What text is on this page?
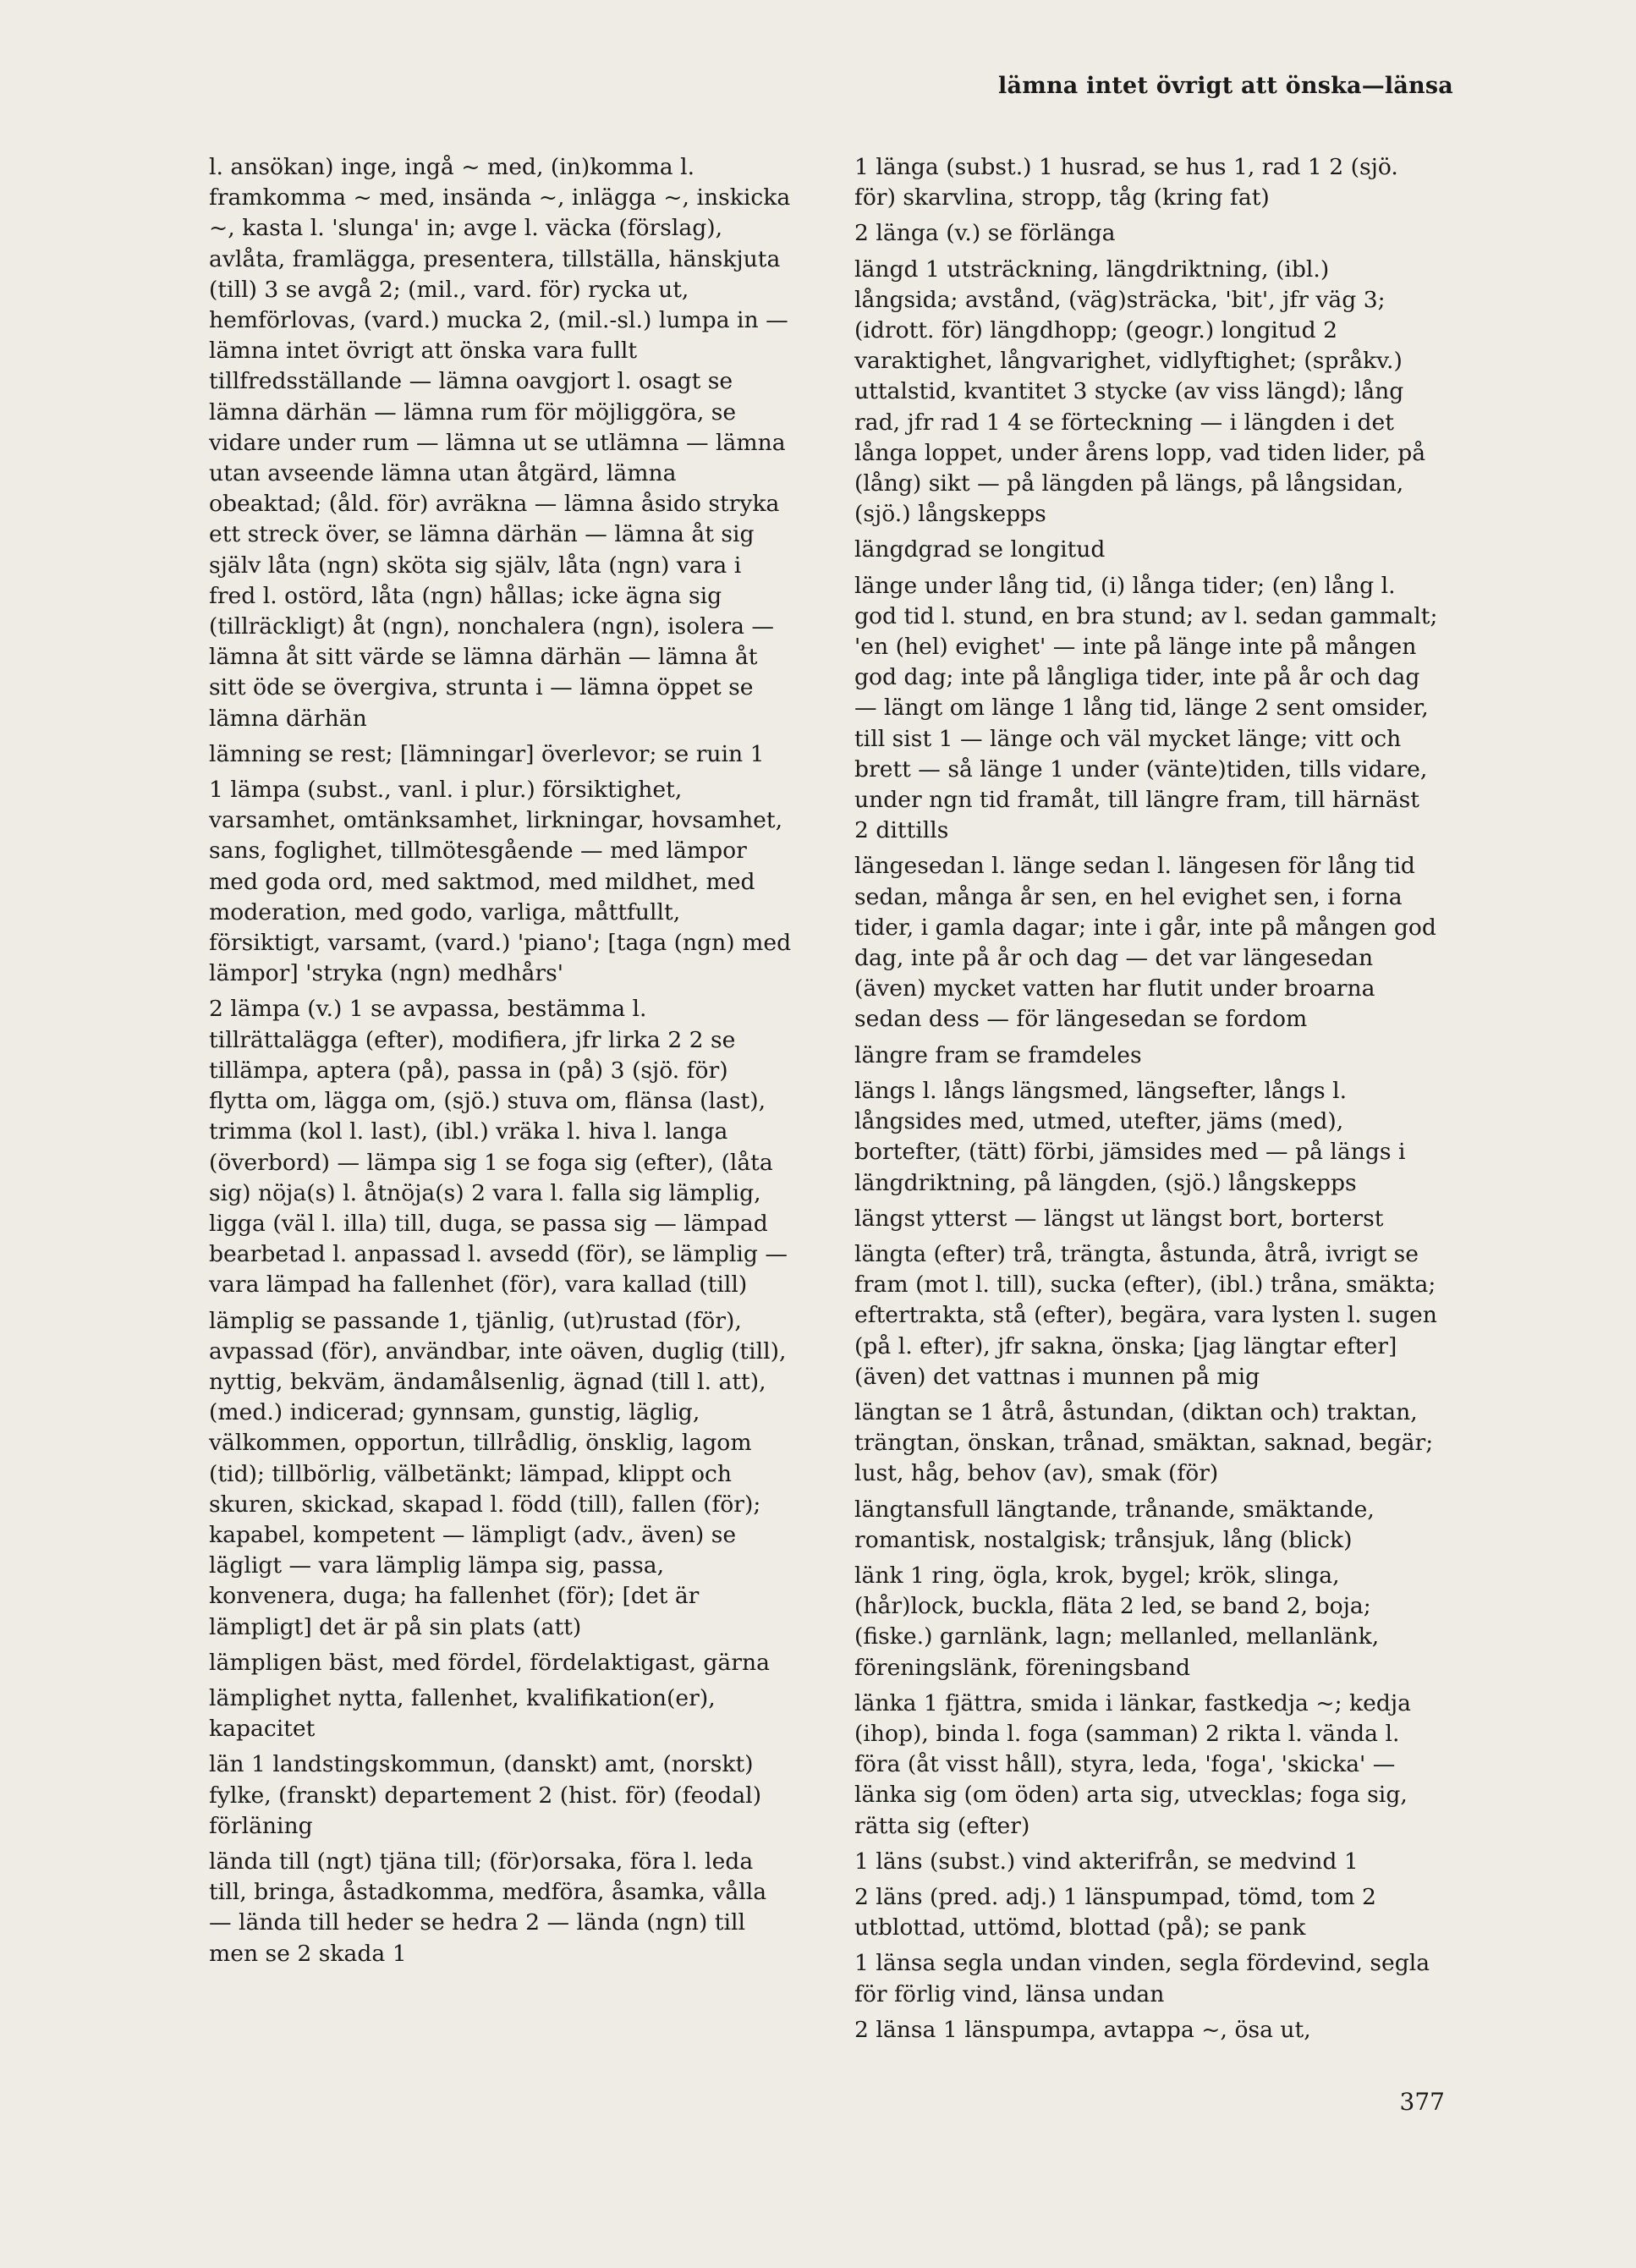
lämna intet övrigt att önska—länsa

l. ansökan) inge, ingå ~ med, (in)komma l. framkomma ~ med, insända ~, inlägga ~, inskicka ~, kasta l. 'slunga' in; avge l. väcka (förslag), avlåta, framlägga, presentera, tillställa, hänskjuta (till) 3 se avgå 2; (mil., vard. för) rycka ut, hemförlovas, (vard.) mucka 2, (mil.-sl.) lumpa in — lämna intet övrigt att önska vara fullt tillfredsställande — lämna oavgjort l. osagt se lämna därhän — lämna rum för möjliggöra, se vidare under rum — lämna ut se utlämna — lämna utan avseende lämna utan åtgärd, lämna obeaktad; (åld. för) avräkna — lämna åsido stryka ett streck över, se lämna därhän — lämna åt sig själv låta (ngn) sköta sig själv, låta (ngn) vara i fred l. ostörd, låta (ngn) hållas; icke ägna sig (tillräckligt) åt (ngn), nonchalera (ngn), isolera — lämna åt sitt värde se lämna därhän — lämna åt sitt öde se övergiva, strunta i — lämna öppet se lämna därhän

lämning se rest; [lämningar] överlevor; se ruin 1

1 lämpa (subst., vanl. i plur.) försiktighet, varsamhet, omtänksamhet, lirkningar, hovsamhet, sans, foglighet, tillmötesgående — med lämpor med goda ord, med saktmod, med mildhet, med moderation, med godo, varliga, måttfullt, försiktigt, varsamt, (vard.) 'piano'; [taga (ngn) med lämpor] 'stryka (ngn) medhårs'

2 lämpa (v.) 1 se avpassa, bestämma l. tillrättalägga (efter), modifiera, jfr lirka 2 2 se tillämpa, aptera (på), passa in (på) 3 (sjö. för) flytta om, lägga om, (sjö.) stuva om, flänsa (last), trimma (kol l. last), (ibl.) vräka l. hiva l. langa (överbord) — lämpa sig 1 se foga sig (efter), (låta sig) nöja(s) l. åtnöja(s) 2 vara l. falla sig lämplig, ligga (väl l. illa) till, duga, se passa sig — lämpad bearbetad l. anpassad l. avsedd (för), se lämplig — vara lämpad ha fallenhet (för), vara kallad (till)

lämplig se passande 1, tjänlig, (ut)rustad (för), avpassad (för), användbar, inte oäven, duglig (till), nyttig, bekväm, ändamålsenlig, ägnad (till l. att), (med.) indicerad; gynnsam, gunstig, läglig, välkommen, opportun, tillrådlig, önsklig, lagom (tid); tillbörlig, välbetänkt; lämpad, klippt och skuren, skickad, skapad l. född (till), fallen (för); kapabel, kompetent — lämpligt (adv., även) se lägligt — vara lämplig lämpa sig, passa, konvenera, duga; ha fallenhet (för); [det är lämpligt] det är på sin plats (att)

lämpligen bäst, med fördel, fördelaktigast, gärna

lämplighet nytta, fallenhet, kvalifikation(er), kapacitet

län 1 landstingskommun, (danskt) amt, (norskt) fylke, (franskt) departement 2 (hist. för) (feodal) förläning

lända till (ngt) tjäna till; (för)orsaka, föra l. leda till, bringa, åstadkomma, medföra, åsamka, vålla — lända till heder se hedra 2 — lända (ngn) till men se 2 skada 1

1 länga (subst.) 1 husrad, se hus 1, rad 1 2 (sjö. för) skarvlina, stropp, tåg (kring fat)

2 länga (v.) se förlänga

längd 1 utsträckning, längdriktning, (ibl.) långsida; avstånd, (väg)sträcka, 'bit', jfr väg 3; (idrott. för) längdhopp; (geogr.) longitud 2 varaktighet, långvarighet, vidlyftighet; (språkv.) uttalstid, kvantitet 3 stycke (av viss längd); lång rad, jfr rad 1 4 se förteckning — i längden i det långa loppet, under årens lopp, vad tiden lider, på (lång) sikt — på längden på längs, på långsidan, (sjö.) långskepps

längdgrad se longitud

länge under lång tid, (i) långa tider; (en) lång l. god tid l. stund, en bra stund; av l. sedan gammalt; 'en (hel) evighet' — inte på länge inte på mången god dag; inte på långliga tider, inte på år och dag — längt om länge 1 lång tid, länge 2 sent omsider, till sist 1 — länge och väl mycket länge; vitt och brett — så länge 1 under (vänte)tiden, tills vidare, under ngn tid framåt, till längre fram, till härnäst 2 dittills

längesedan l. länge sedan l. längesen för lång tid sedan, många år sen, en hel evighet sen, i forna tider, i gamla dagar; inte i går, inte på mången god dag, inte på år och dag — det var längesedan (även) mycket vatten har flutit under broarna sedan dess — för längesedan se fordom

längre fram se framdeles

längs l. långs längsmed, längsefter, långs l. långsides med, utmed, utefter, jäms (med), bortefter, (tätt) förbi, jämsides med — på längs i längdriktning, på längden, (sjö.) långskepps

längst ytterst — längst ut längst bort, borterst

längta (efter) trå, trängta, åstunda, åtrå, ivrigt se fram (mot l. till), sucka (efter), (ibl.) tråna, smäkta; eftertrakta, stå (efter), begära, vara lysten l. sugen (på l. efter), jfr sakna, önska; [jag längtar efter] (även) det vattnas i munnen på mig

längtan se 1 åtrå, åstundan, (diktan och) traktan, trängtan, önskan, trånad, smäktan, saknad, begär; lust, håg, behov (av), smak (för)

längtansfull längtande, trånande, smäktande, romantisk, nostalgisk; trånsjuk, lång (blick)

länk 1 ring, ögla, krok, bygel; krök, slinga, (hår)lock, buckla, fläta 2 led, se band 2, boja; (fiske.) garnlänk, lagn; mellanled, mellanlänk, föreningslänk, föreningsband

länka 1 fjättra, smida i länkar, fastkedja ~; kedja (ihop), binda l. foga (samman) 2 rikta l. vända l. föra (åt visst håll), styra, leda, 'foga', 'skicka' — länka sig (om öden) arta sig, utvecklas; foga sig, rätta sig (efter)

1 läns (subst.) vind akterifrån, se medvind 1

2 läns (pred. adj.) 1 länspumpad, tömd, tom 2 utblottad, uttömd, blottad (på); se pank

1 länsa segla undan vinden, segla fördevind, segla för förlig vind, länsa undan

2 länsa 1 länspumpa, avtappa ~, ösa ut,

377
